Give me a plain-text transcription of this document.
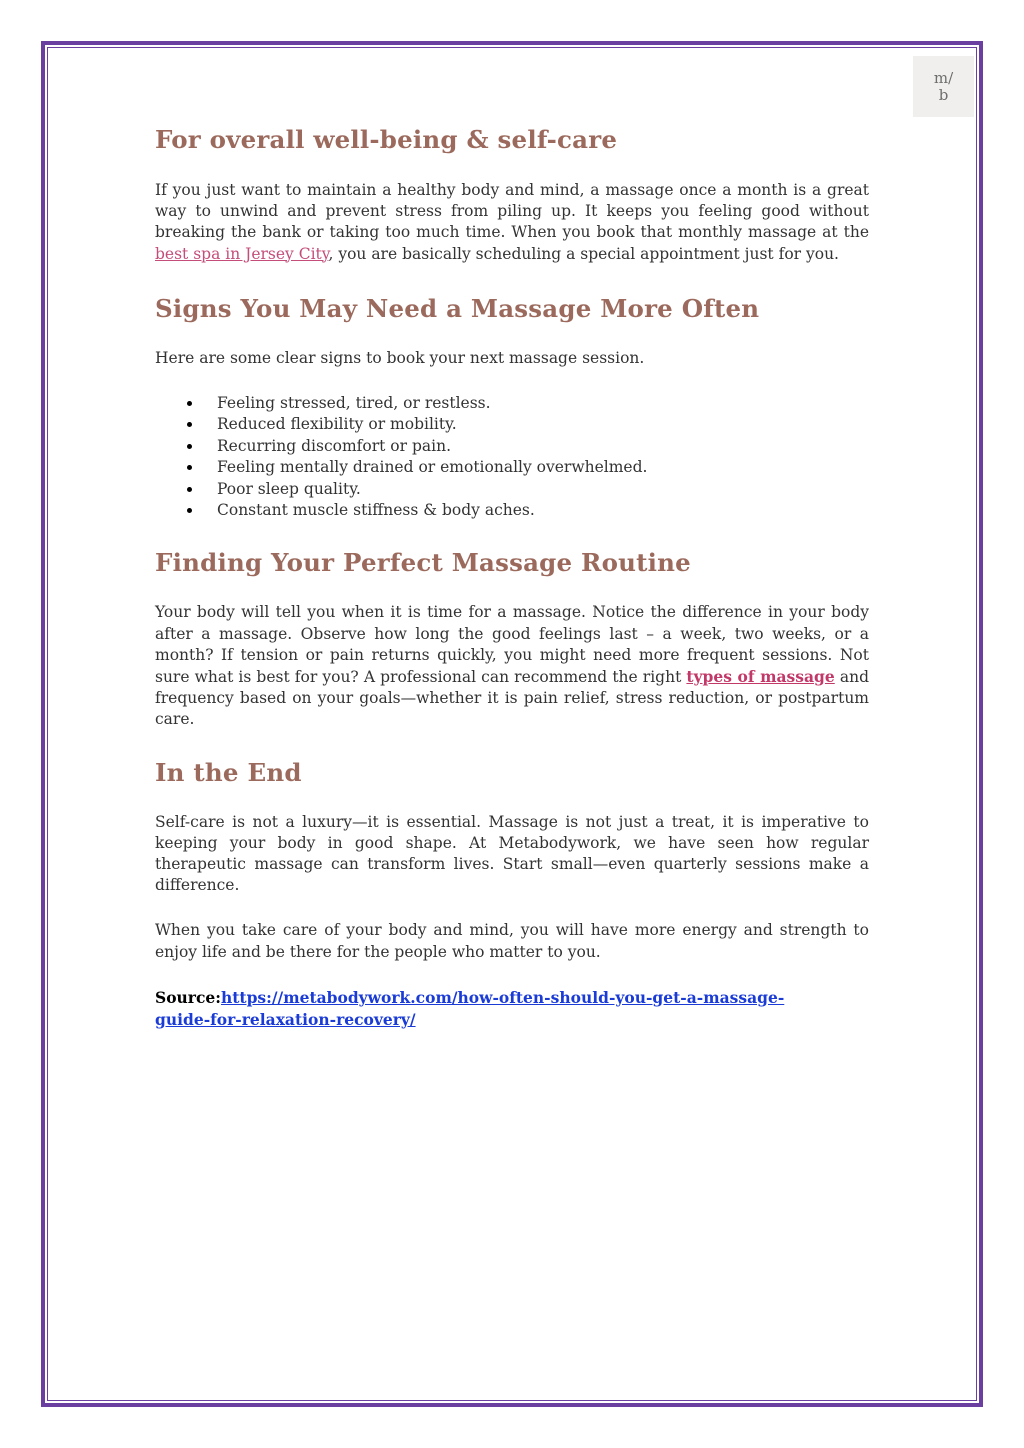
m/
b
For overall well-being & self-care

If you just want to maintain a healthy body and mind, a massage once a month is a great way to unwind and prevent stress from piling up. It keeps you feeling good without breaking the bank or taking too much time. When you book that monthly massage at the best spa in Jersey City, you are basically scheduling a special appointment just for you.

Signs You May Need a Massage More Often

Here are some clear signs to book your next massage session.

Feeling stressed, tired, or restless.
Reduced flexibility or mobility.
Recurring discomfort or pain.
Feeling mentally drained or emotionally overwhelmed.
Poor sleep quality.
Constant muscle stiffness & body aches.
Finding Your Perfect Massage Routine

Your body will tell you when it is time for a massage. Notice the difference in your body after a massage. Observe how long the good feelings last – a week, two weeks, or a month? If tension or pain returns quickly, you might need more frequent sessions. Not sure what is best for you? A professional can recommend the right types of massage and frequency based on your goals—whether it is pain relief, stress reduction, or postpartum care.

In the End

Self-care is not a luxury—it is essential. Massage is not just a treat, it is imperative to keeping your body in good shape. At Metabodywork, we have seen how regular therapeutic massage can transform lives. Start small—even quarterly sessions make a difference.

When you take care of your body and mind, you will have more energy and strength to enjoy life and be there for the people who matter to you.

Source:https://metabodywork.com/how-often-should-you-get-a-massage-
guide-for-relaxation-recovery/
